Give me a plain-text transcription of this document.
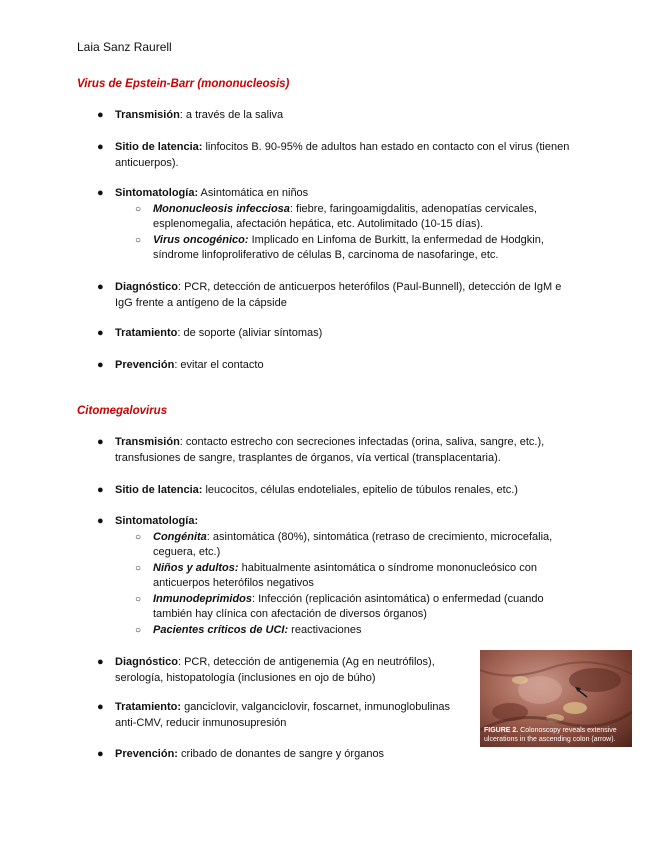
Laia Sanz Raurell
Virus de Epstein-Barr (mononucleosis)
●	Transmisión: a través de la saliva
●	Sitio de latencia: linfocitos B. 90-95% de adultos han estado en contacto con el virus (tienen anticuerpos).
●	Sintomatología: Asintomática en niños
○ Mononucleosis infecciosa: fiebre, faringoamigdalitis, adenopatías cervicales, esplenomegalia, afectación hepática, etc. Autolimitado (10-15 días).
○ Virus oncogénico: Implicado en Linfoma de Burkitt, la enfermedad de Hodgkin, síndrome linfoproliferativo de células B, carcinoma de nasofaringe, etc.
●	Diagnóstico: PCR, detección de anticuerpos heterófilos (Paul-Bunnell), detección de IgM e IgG frente a antígeno de la cápside
●	Tratamiento: de soporte (aliviar síntomas)
●	Prevención: evitar el contacto
Citomegalovirus
●	Transmisión: contacto estrecho con secreciones infectadas (orina, saliva, sangre, etc.), transfusiones de sangre, trasplantes de órganos, vía vertical (transplacentaria).
●	Sitio de latencia: leucocitos, células endoteliales, epitelio de túbulos renales, etc.)
●	Sintomatología:
○ Congénita: asintomática (80%), sintomática (retraso de crecimiento, microcefalia, ceguera, etc.)
○ Niños y adultos: habitualmente asintomática o síndrome mononucleósico con anticuerpos heterófilos negativos
○ Inmunodeprimidos: Infección (replicación asintomática) o enfermedad (cuando también hay clínica con afectación de diversos órganos)
○ Pacientes críticos de UCI: reactivaciones
●	Diagnóstico: PCR, detección de antigenemia (Ag en neutrófilos), serología, histopatología (inclusiones en ojo de búho)
●	Tratamiento: ganciclovir, valganciclovir, foscarnet, inmunoglobulinas anti-CMV, reducir inmunosupresión
●	Prevención: cribado de donantes de sangre y órganos
FIGURE 2. Colonoscopy reveals extensive ulcerations in the ascending colon (arrow).
